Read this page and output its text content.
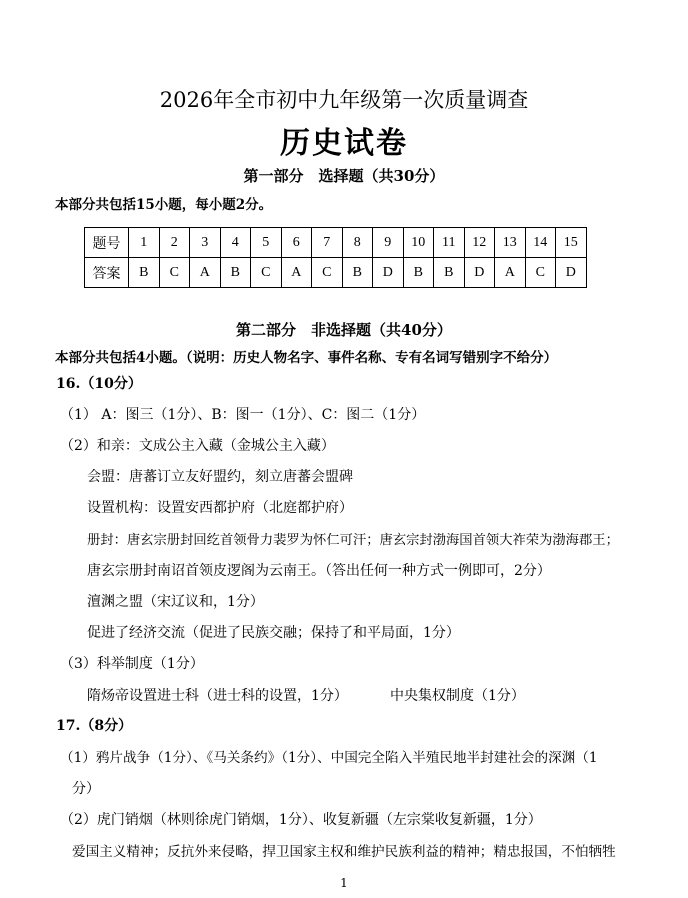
2026年全市初中九年级第一次质量调查
历史试卷
第一部分　选择题（共30分）
本部分共包括15小题，每小题2分。
题号	1	2	3	4	5	6	7	8	9	10	11	12	13	14	15
答案	B	C	A	B	C	A	C	B	D	B	B	D	A	C	D
第二部分　非选择题（共40分）
本部分共包括4小题。（说明：历史人物名字、事件名称、专有名词写错别字不给分）
16.（10分）
（1） A：图三（1分）、B：图一（1分）、C：图二（1分）
（2）和亲：文成公主入藏（金城公主入藏）
会盟：唐蕃订立友好盟约，刻立唐蕃会盟碑
设置机构：设置安西都护府（北庭都护府）
册封：唐玄宗册封回纥首领骨力裴罗为怀仁可汗；唐玄宗封渤海国首领大祚荣为渤海郡王；
唐玄宗册封南诏首领皮逻阁为云南王。（答出任何一种方式一例即可，2分）
澶渊之盟（宋辽议和，1分）
促进了经济交流（促进了民族交融；保持了和平局面，1分）
（3）科举制度（1分）
隋炀帝设置进士科（进士科的设置，1分）	中央集权制度（1分）
17.（8分）
（1）鸦片战争（1分）、《马关条约》（1分）、中国完全陷入半殖民地半封建社会的深渊（1
分）
（2）虎门销烟（林则徐虎门销烟，1分）、收复新疆（左宗棠收复新疆，1分）
爱国主义精神；反抗外来侵略，捍卫国家主权和维护民族利益的精神；精忠报国，不怕牺牲
1
